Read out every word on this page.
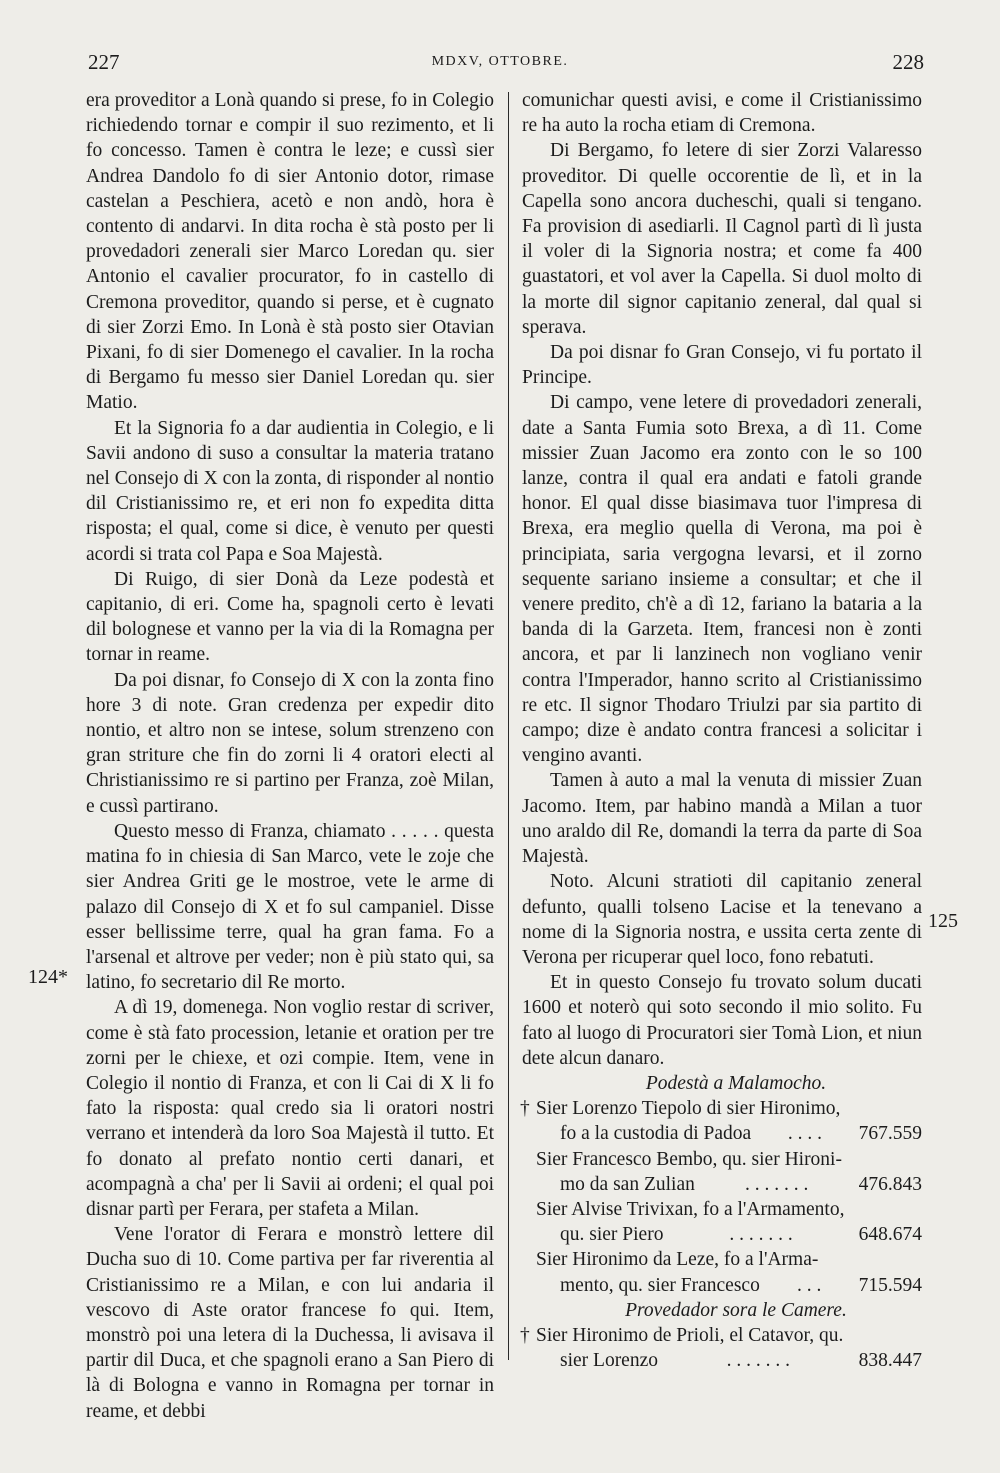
227	MDXV, OTTOBRE.	228
124*
125

era proveditor a Lonà quando si prese, fo in Colegio richiedendo tornar e compir il suo rezimento, et li fo concesso. Tamen è contra le leze; e cussì sier Andrea Dandolo fo di sier Antonio dotor, rimase castelan a Peschiera, acetò e non andò, hora è contento di andarvi. In dita rocha è stà posto per li provedadori zenerali sier Marco Loredan qu. sier Antonio el cavalier procurator, fo in castello di Cremona proveditor, quando si perse, et è cugnato di sier Zorzi Emo. In Lonà è stà posto sier Otavian Pixani, fo di sier Domenego el cavalier. In la rocha di Bergamo fu messo sier Daniel Loredan qu. sier Matio.

Et la Signoria fo a dar audientia in Colegio, e li Savii andono di suso a consultar la materia tratano nel Consejo di X con la zonta, di risponder al nontio dil Cristianissimo re, et eri non fo expedita ditta risposta; el qual, come si dice, è venuto per questi acordi si trata col Papa e Soa Majestà.

Di Ruigo, di sier Donà da Leze podestà et capitanio, di eri. Come ha, spagnoli certo è levati dil bolognese et vanno per la via di la Romagna per tornar in reame.

Da poi disnar, fo Consejo di X con la zonta fino hore 3 di note. Gran credenza per expedir dito nontio, et altro non se intese, solum strenzeno con gran striture che fin do zorni li 4 oratori electi al Christianissimo re si partino per Franza, zoè Milan, e cussì partirano.

Questo messo di Franza, chiamato . . . . . questa matina fo in chiesia di San Marco, vete le zoje che sier Andrea Griti ge le mostroe, vete le arme di palazo dil Consejo di X et fo sul campaniel. Disse esser bellissime terre, qual ha gran fama. Fo a l'arsenal et altrove per veder; non è più stato qui, sa latino, fo secretario dil Re morto.

A dì 19, domenega. Non voglio restar di scriver, come è stà fato procession, letanie et oration per tre zorni per le chiexe, et ozi compie. Item, vene in Colegio il nontio di Franza, et con li Cai di X li fo fato la risposta: qual credo sia li oratori nostri verrano et intenderà da loro Soa Majestà il tutto. Et fo donato al prefato nontio certi danari, et acompagnà a cha' per li Savii ai ordeni; el qual poi disnar partì per Ferara, per stafeta a Milan.

Vene l'orator di Ferara e monstrò lettere dil Ducha suo di 10. Come partiva per far riverentia al Cristianissimo re a Milan, e con lui andaria il vescovo di Aste orator francese fo qui. Item, monstrò poi una letera di la Duchessa, li avisava il partir dil Duca, et che spagnoli erano a San Piero di là di Bologna e vanno in Romagna per tornar in reame, et debbi

comunichar questi avisi, e come il Cristianissimo re ha auto la rocha etiam di Cremona.

Di Bergamo, fo letere di sier Zorzi Valaresso proveditor. Di quelle occorentie de lì, et in la Capella sono ancora ducheschi, quali si tengano. Fa provision di asediarli. Il Cagnol partì di lì justa il voler di la Signoria nostra; et come fa 400 guastatori, et vol aver la Capella. Si duol molto di la morte dil signor capitanio zeneral, dal qual si sperava.

Da poi disnar fo Gran Consejo, vi fu portato il Principe.

Di campo, vene letere di provedadori zenerali, date a Santa Fumia soto Brexa, a dì 11. Come missier Zuan Jacomo era zonto con le so 100 lanze, contra il qual era andati e fatoli grande honor. El qual disse biasimava tuor l'impresa di Brexa, era meglio quella di Verona, ma poi è principiata, saria vergogna levarsi, et il zorno sequente sariano insieme a consultar; et che il venere predito, ch'è a dì 12, fariano la bataria a la banda di la Garzeta. Item, francesi non è zonti ancora, et par li lanzinech non vogliano venir contra l'Imperador, hanno scrito al Cristianissimo re etc. Il signor Thodaro Triulzi par sia partito di campo; dize è andato contra francesi a solicitar i vengino avanti.

Tamen à auto a mal la venuta di missier Zuan Jacomo. Item, par habino mandà a Milan a tuor uno araldo dil Re, domandi la terra da parte di Soa Majestà.

Noto. Alcuni stratioti dil capitanio zeneral defunto, qualli tolseno Lacise et la tenevano a nome di la Signoria nostra, e ussita certa zente di Verona per ricuperar quel loco, fono rebatuti.

Et in questo Consejo fu trovato solum ducati 1600 et noterò qui soto secondo il mio solito. Fu fato al luogo di Procuratori sier Tomà Lion, et niun dete alcun danaro.

Podestà a Malamocho.

† Sier Lorenzo Tiepolo di sier Hironimo,
fo a la custodia di Padoa . . . . 767.559
Sier Francesco Bembo, qu. sier Hironi-
mo da san Zulian	. . . . . . .	476.843
Sier Alvise Trivixan, fo a l'Armamento,
qu. sier Piero	. . . . . . .	648.674
Sier Hironimo da Leze, fo a l'Arma-
mento, qu. sier Francesco . . . 715.594

Provedador sora le Camere.

† Sier Hironimo de Prioli, el Catavor, qu.
sier Lorenzo	. . . . . . .	838.447
